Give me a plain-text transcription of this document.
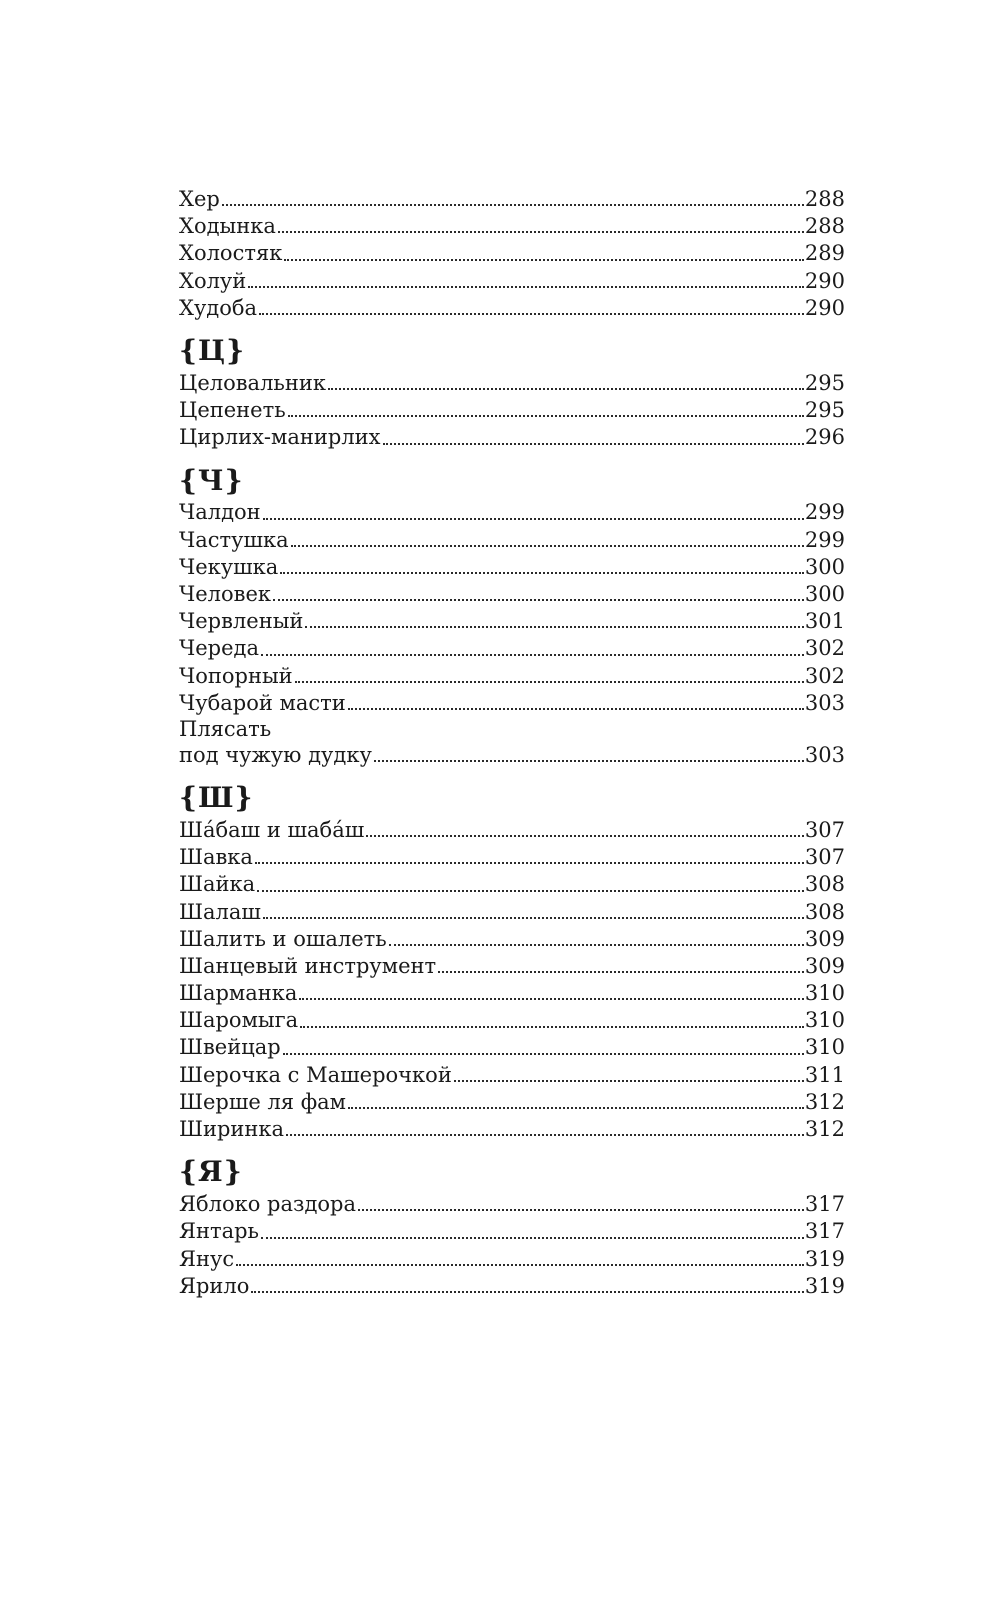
Хер	288
Ходынка	288
Холостяк	289
Холуй	290
Худоба	290
{Ц}
Целовальник	295
Цепенеть	295
Цирлих-манирлих	296
{Ч}
Чалдон	299
Частушка	299
Чекушка	300
Человек	300
Червленый	301
Череда	302
Чопорный	302
Чубарой масти	303
Плясать
под чужую дудку	303
{Ш}
Шáбаш и шабáш	307
Шавка	307
Шайка	308
Шалаш	308
Шалить и ошалеть	309
Шанцевый инструмент	309
Шарманка	310
Шаромыга	310
Швейцар	310
Шерочка с Машерочкой	311
Шерше ля фам	312
Ширинка	312
{Я}
Яблоко раздора	317
Янтарь	317
Янус	319
Ярило	319
